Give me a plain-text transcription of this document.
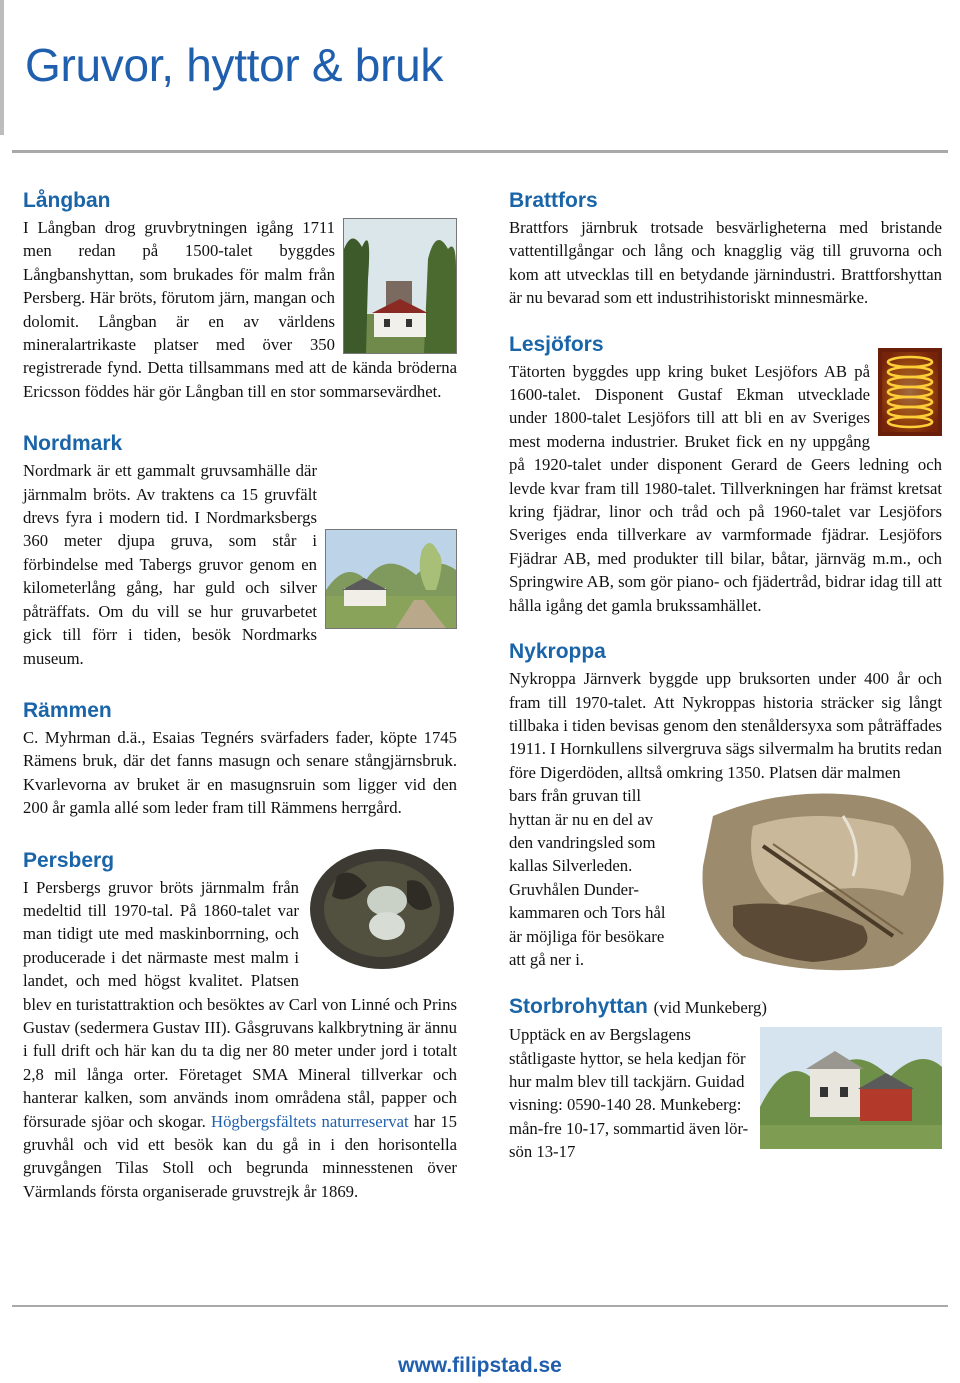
Gruvor, hyttor & bruk
Långban

I Långban drog gruvbrytningen igång 1711 men redan på 1500-talet byggdes Långbanshyttan, som brukades för malm från Persberg. Här bröts, förutom järn, mangan och dolomit. Långban är en av världens mineralartrikaste platser med över 350 registrerade fynd. Detta tillsammans med att de kända bröderna Ericsson föddes här gör Långban till en stor sommarsevärdhet.

Nordmark

Nordmark är ett gammalt gruvsamhälle där järnmalm bröts. Av traktens ca 15 gruvfält drevs fyra i modern tid. I Nordmarksbergs 360 meter djupa gruva, som står i förbindelse med Tabergs gruvor genom en kilometerlång gång, har guld och silver påträffats. Om du vill se hur gruvarbetet gick till förr i tiden, besök Nordmarks museum.

Rämmen

C. Myhrman d.ä., Esaias Tegnérs svärfaders fader, köpte 1745 Rämens bruk, där det fanns masugn och senare stångjärnsbruk. Kvarlevorna av bruket är en masugnsruin som ligger vid den 200 år gamla allé som leder fram till Rämmens herrgård.

Persberg

I Persbergs gruvor bröts järnmalm från medeltid till 1970-tal. På 1860-talet var man tidigt ute med maskinborrning, och producerade i det närmaste mest malm i landet, och med högst kvalitet. Platsen blev en turistattraktion och besöktes av Carl von Linné och Prins Gustav (sedermera Gustav III). Gåsgruvans kalkbrytning är ännu i full drift och här kan du ta dig ner 80 meter under jord i totalt 2,8 mil långa orter. Företaget SMA Mineral tillverkar och hanterar kalken, som används inom områdena stål, papper och försurade sjöar och skogar. Högbergsfältets naturreservat har 15 gruvhål och vid ett besök kan du gå in i den horisontella gruvgången Tilas Stoll och begrunda minnesstenen över Värmlands första organiserade gruvstrejk år 1869.

Brattfors

Brattfors järnbruk trotsade besvärligheterna med bristande vattentillgångar och lång och knagglig väg till gruvorna och kom att utvecklas till en betydande järnindustri. Brattforshyttan är nu bevarad som ett industrihistoriskt minnesmärke.

Lesjöfors

Tätorten byggdes upp kring buket Lesjöfors AB på 1600-talet. Disponent Gustaf Ekman utvecklade under 1800-talet Lesjöfors till att bli en av Sveriges mest moderna industrier. Bruket fick en ny uppgång på 1920-talet under disponent Gerard de Geers ledning och levde kvar fram till 1980-talet. Tillverkningen har främst kretsat kring fjädrar, linor och tråd och på 1960-talet var Lesjöfors Sveriges enda tillverkare av varmformade fjädrar. Lesjöfors Fjädrar AB, med produkter till bilar, båtar, järnväg m.m., och Springwire AB, som gör piano- och fjädertråd, bidrar idag till att hålla igång det gamla brukssamhället.

Nykroppa

Nykroppa Järnverk byggde upp bruksorten under 400 år och fram till 1970-talet. Att Nykroppas historia sträcker sig långt tillbaka i tiden bevisas genom den stenåldersyxa som påträffades 1911. I Hornkullens silvergruva sägs silvermalm ha brutits redan före Digerdöden, alltså omkring 1350. Platsen där malmen

bars från gruvan till hyttan är nu en del av den vandringsled som kallas Silverleden. Gruvhålen Dunder-kammaren och Tors hål är möjliga för besökare att gå ner i.

Storbrohyttan (vid Munkeberg)

Upptäck en av Bergslagens ståtligaste hyttor, se hela kedjan för hur malm blev till tackjärn. Guidad visning: 0590-140 28. Munkeberg: mån-fre 10-17, sommartid även lör-sön 13-17

www.filipstad.se
